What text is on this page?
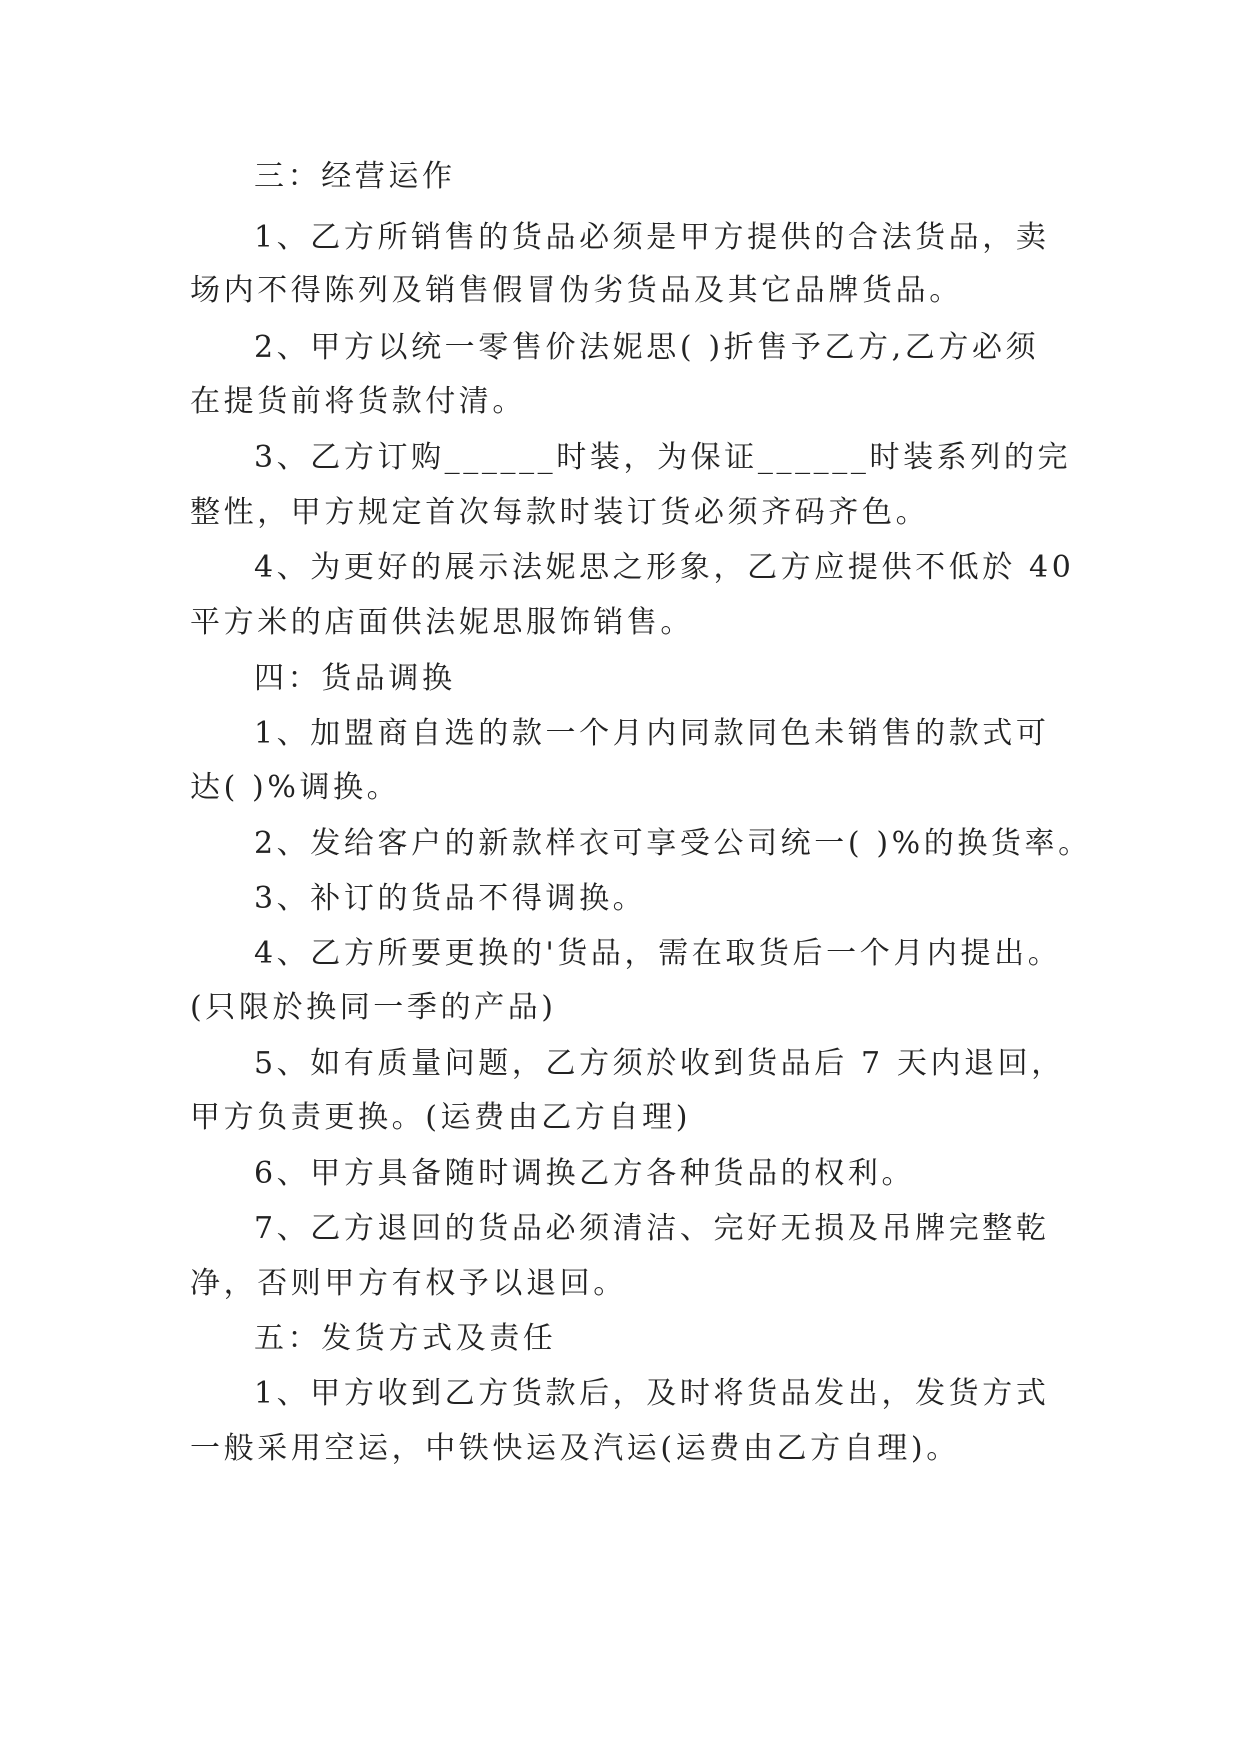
三：经营运作
1、乙方所销售的货品必须是甲方提供的合法货品，卖
场内不得陈列及销售假冒伪劣货品及其它品牌货品。
2、甲方以统一零售价法妮思( )折售予乙方,乙方必须
在提货前将货款付清。
3、乙方订购______时装，为保证______时装系列的完
整性，甲方规定首次每款时装订货必须齐码齐色。
4、为更好的展示法妮思之形象，乙方应提供不低於 40
平方米的店面供法妮思服饰销售。
四：货品调换
1、加盟商自选的款一个月内同款同色未销售的款式可
达( )%调换。
2、发给客户的新款样衣可享受公司统一( )%的换货率。
3、补订的货品不得调换。
4、乙方所要更换的'货品，需在取货后一个月内提出。
(只限於换同一季的产品)
5、如有质量问题，乙方须於收到货品后 7 天内退回，
甲方负责更换。(运费由乙方自理)
6、甲方具备随时调换乙方各种货品的权利。
7、乙方退回的货品必须清洁、完好无损及吊牌完整乾
净，否则甲方有权予以退回。
五：发货方式及责任
1、甲方收到乙方货款后，及时将货品发出，发货方式
一般采用空运，中铁快运及汽运(运费由乙方自理)。
